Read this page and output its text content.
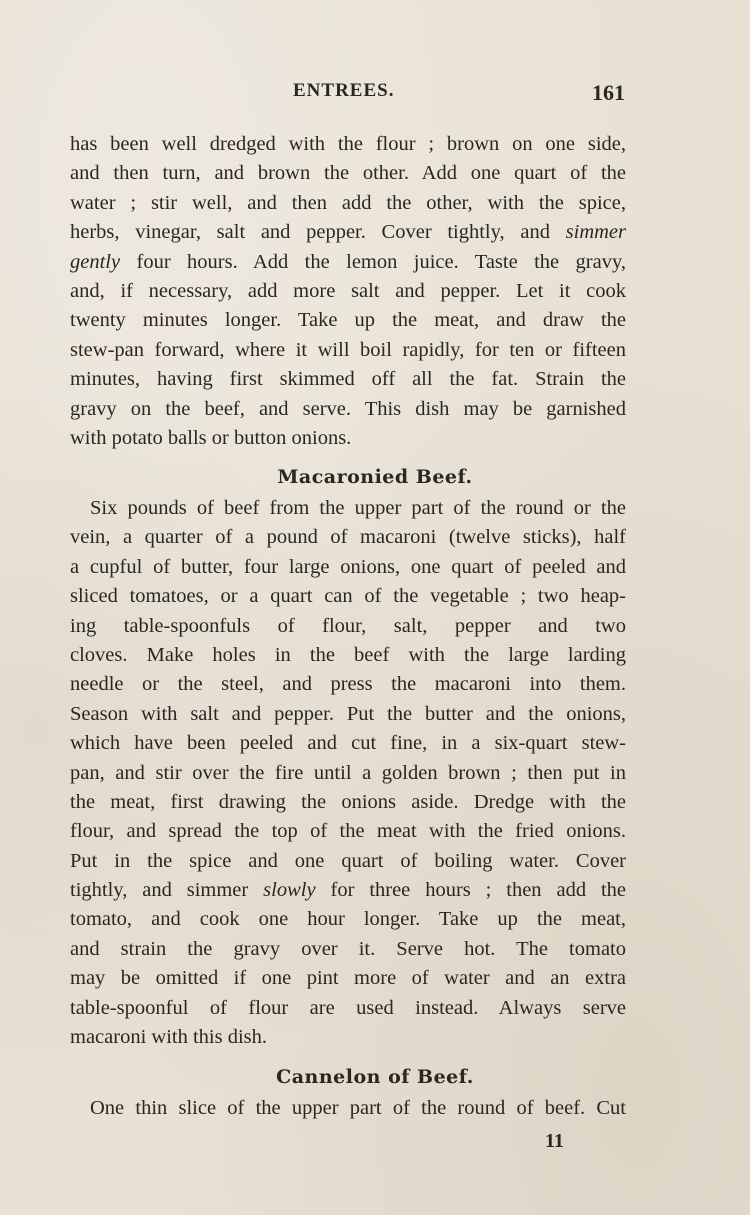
ENTREES.	161
has been well dredged with the flour ; brown on one side,
and then turn, and brown the other. Add one quart of the
water ; stir well, and then add the other, with the spice,
herbs, vinegar, salt and pepper. Cover tightly, and simmer
gently four hours. Add the lemon juice. Taste the gravy,
and, if necessary, add more salt and pepper. Let it cook
twenty minutes longer. Take up the meat, and draw the
stew-pan forward, where it will boil rapidly, for ten or fifteen
minutes, having first skimmed off all the fat. Strain the
gravy on the beef, and serve. This dish may be garnished
with potato balls or button onions.
Macaronied Beef.
Six pounds of beef from the upper part of the round or the
vein, a quarter of a pound of macaroni (twelve sticks), half
a cupful of butter, four large onions, one quart of peeled and
sliced tomatoes, or a quart can of the vegetable ; two heap-
ing table-spoonfuls of flour, salt, pepper and two
cloves. Make holes in the beef with the large larding
needle or the steel, and press the macaroni into them.
Season with salt and pepper. Put the butter and the onions,
which have been peeled and cut fine, in a six-quart stew-
pan, and stir over the fire until a golden brown ; then put in
the meat, first drawing the onions aside. Dredge with the
flour, and spread the top of the meat with the fried onions.
Put in the spice and one quart of boiling water. Cover
tightly, and simmer slowly for three hours ; then add the
tomato, and cook one hour longer. Take up the meat,
and strain the gravy over it. Serve hot. The tomato
may be omitted if one pint more of water and an extra
table-spoonful of flour are used instead. Always serve
macaroni with this dish.
Cannelon of Beef.
One thin slice of the upper part of the round of beef. Cut
11
